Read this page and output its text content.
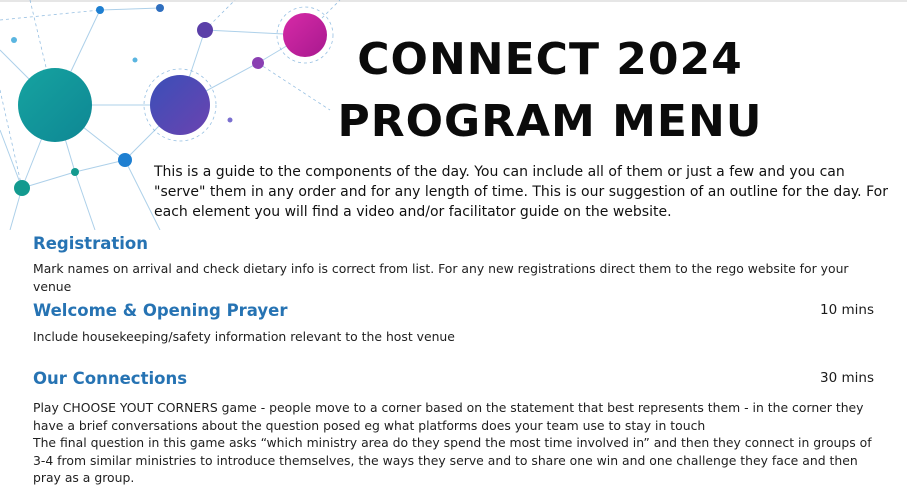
CONNECT 2024
PROGRAM MENU

This is a guide to the components of the day. You can include all of them or just a few and you can "serve" them in any order and for any length of time. This is our suggestion of an outline for the day. For each element you will find a video and/or facilitator guide on the website.

Registration

Mark names on arrival and check dietary info is correct from list. For any new registrations direct them to the rego website for your venue

Welcome & Opening Prayer	10 mins

Include housekeeping/safety information relevant to the host venue

Our Connections	30 mins

Play CHOOSE YOUT CORNERS game - people move to a corner based on the statement that best represents them - in the corner they have a brief conversations about the question posed eg what platforms does your team use to stay in touch

The final question in this game asks “which ministry area do they spend the most time involved in” and then they connect in groups of 3-4 from similar ministries to introduce themselves, the ways they serve and to share one win and one challenge they face and then pray as a group.
